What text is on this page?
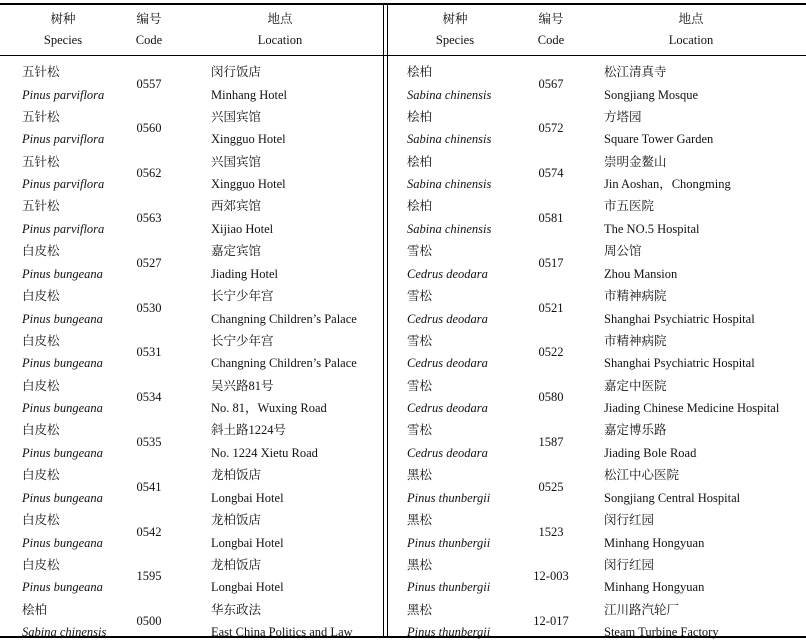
树种
Species
编号
Code
地点
Location
五针松
Pinus parviflora
0557
闵行饭店
Minhang Hotel
五针松
Pinus parviflora
0560
兴国宾馆
Xingguo Hotel
五针松
Pinus parviflora
0562
兴国宾馆
Xingguo Hotel
五针松
Pinus parviflora
0563
西郊宾馆
Xijiao Hotel
白皮松
Pinus bungeana
0527
嘉定宾馆
Jiading Hotel
白皮松
Pinus bungeana
0530
长宁少年宫
Changning Children’s Palace
白皮松
Pinus bungeana
0531
长宁少年宫
Changning Children’s Palace
白皮松
Pinus bungeana
0534
吴兴路81号
No. 81，Wuxing Road
白皮松
Pinus bungeana
0535
斜土路1224号
No. 1224 Xietu Road
白皮松
Pinus bungeana
0541
龙柏饭店
Longbai Hotel
白皮松
Pinus bungeana
0542
龙柏饭店
Longbai Hotel
白皮松
Pinus bungeana
1595
龙柏饭店
Longbai Hotel
桧柏
Sabina chinensis
0500
华东政法
East China Politics and Law
树种
Species
编号
Code
地点
Location
桧柏
Sabina chinensis
0567
松江清真寺
Songjiang Mosque
桧柏
Sabina chinensis
0572
方塔园
Square Tower Garden
桧柏
Sabina chinensis
0574
崇明金鳌山
Jin Aoshan，Chongming
桧柏
Sabina chinensis
0581
市五医院
The NO.5 Hospital
雪松
Cedrus deodara
0517
周公馆
Zhou Mansion
雪松
Cedrus deodara
0521
市精神病院
Shanghai Psychiatric Hospital
雪松
Cedrus deodara
0522
市精神病院
Shanghai Psychiatric Hospital
雪松
Cedrus deodara
0580
嘉定中医院
Jiading Chinese Medicine Hospital
雪松
Cedrus deodara
1587
嘉定博乐路
Jiading Bole Road
黑松
Pinus thunbergii
0525
松江中心医院
Songjiang Central Hospital
黑松
Pinus thunbergii
1523
闵行红园
Minhang Hongyuan
黑松
Pinus thunbergii
12-003
闵行红园
Minhang Hongyuan
黑松
Pinus thunbergii
12-017
江川路汽轮厂
Steam Turbine Factory
